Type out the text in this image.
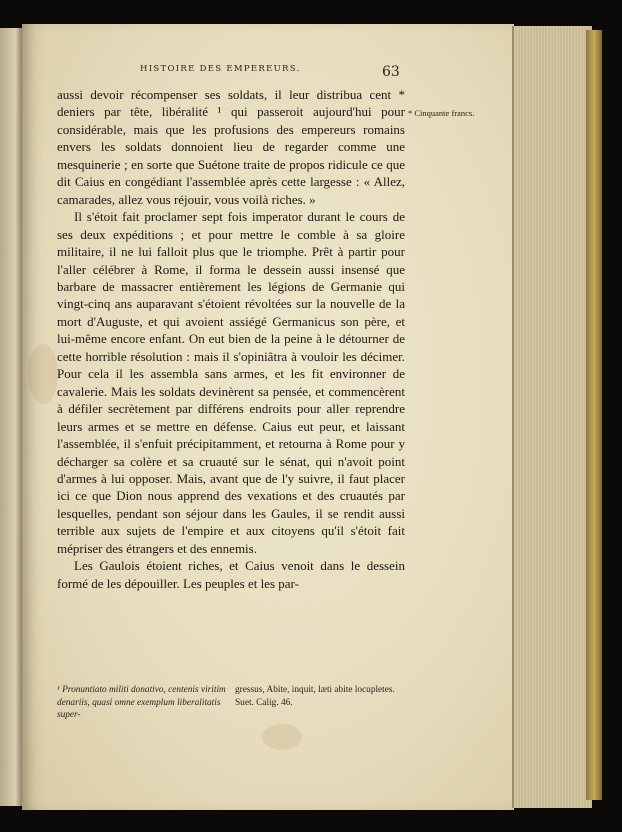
HISTOIRE DES EMPEREURS.	63

aussi devoir récompenser ses soldats, il leur distribua cent * deniers par tête, libéralité ¹ qui passeroit aujourd'hui pour considérable, mais que les profusions des empereurs romains envers les soldats donnoient lieu de regarder comme une mesquinerie ; en sorte que Suétone traite de propos ridicule ce que dit Caius en congédiant l'assemblée après cette largesse : « Allez, camarades, allez vous réjouir, vous voilà riches. »

Il s'étoit fait proclamer sept fois imperator durant le cours de ses deux expéditions ; et pour mettre le comble à sa gloire militaire, il ne lui falloit plus que le triomphe. Prêt à partir pour l'aller célébrer à Rome, il forma le dessein aussi insensé que barbare de massacrer entièrement les légions de Germanie qui vingt-cinq ans auparavant s'étoient révoltées sur la nouvelle de la mort d'Auguste, et qui avoient assiégé Germanicus son père, et lui-même encore enfant. On eut bien de la peine à le détourner de cette horrible résolution : mais il s'opiniâtra à vouloir les décimer. Pour cela il les assembla sans armes, et les fit environner de cavalerie. Mais les soldats devinèrent sa pensée, et commencèrent à défiler secrètement par différens endroits pour aller reprendre leurs armes et se mettre en défense. Caius eut peur, et laissant l'assemblée, il s'enfuit précipitamment, et retourna à Rome pour y décharger sa colère et sa cruauté sur le sénat, qui n'avoit point d'armes à lui opposer. Mais, avant que de l'y suivre, il faut placer ici ce que Dion nous apprend des vexations et des cruautés par lesquelles, pendant son séjour dans les Gaules, il se rendit aussi terrible aux sujets de l'empire et aux citoyens qu'il s'étoit fait mépriser des étrangers et des ennemis.

Les Gaulois étoient riches, et Caius venoit dans le dessein formé de les dépouiller. Les peuples et les par-

* Cinquante francs.
¹ Pronuntiato militi donativo, centenis viritim denariis, quasi omne exemplum liberalitatis super-gressus, Abite, inquit, læti abite locupletes. Suet. Calig. 46.
